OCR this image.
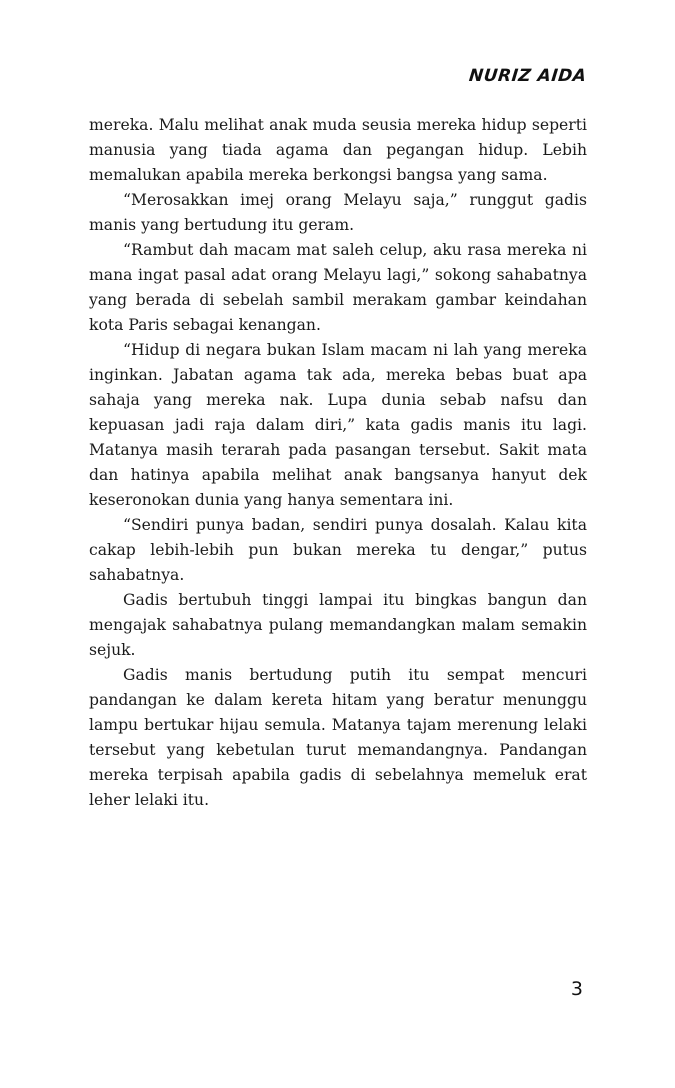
NURIZ AIDA

mereka. Malu melihat anak muda seusia mereka hidup seperti manusia yang tiada agama dan pegangan hidup. Lebih memalukan apabila mereka berkongsi bangsa yang sama.

“Merosakkan imej orang Melayu saja,” runggut gadis manis yang bertudung itu geram.

“Rambut dah macam mat saleh celup, aku rasa mereka ni mana ingat pasal adat orang Melayu lagi,” sokong sahabatnya yang berada di sebelah sambil merakam gambar keindahan kota Paris sebagai kenangan.

“Hidup di negara bukan Islam macam ni lah yang mereka inginkan. Jabatan agama tak ada, mereka bebas buat apa sahaja yang mereka nak. Lupa dunia sebab nafsu dan kepuasan jadi raja dalam diri,” kata gadis manis itu lagi. Matanya masih terarah pada pasangan tersebut. Sakit mata dan hatinya apabila melihat anak bangsanya hanyut dek keseronokan dunia yang hanya sementara ini.

“Sendiri punya badan, sendiri punya dosalah. Kalau kita cakap lebih-lebih pun bukan mereka tu dengar,” putus sahabatnya.

Gadis bertubuh tinggi lampai itu bingkas bangun dan mengajak sahabatnya pulang memandangkan malam semakin sejuk.

Gadis manis bertudung putih itu sempat mencuri pandangan ke dalam kereta hitam yang beratur menunggu lampu bertukar hijau semula. Matanya tajam merenung lelaki tersebut yang kebetulan turut memandangnya. Pandangan mereka terpisah apabila gadis di sebelahnya memeluk erat leher lelaki itu.

3
